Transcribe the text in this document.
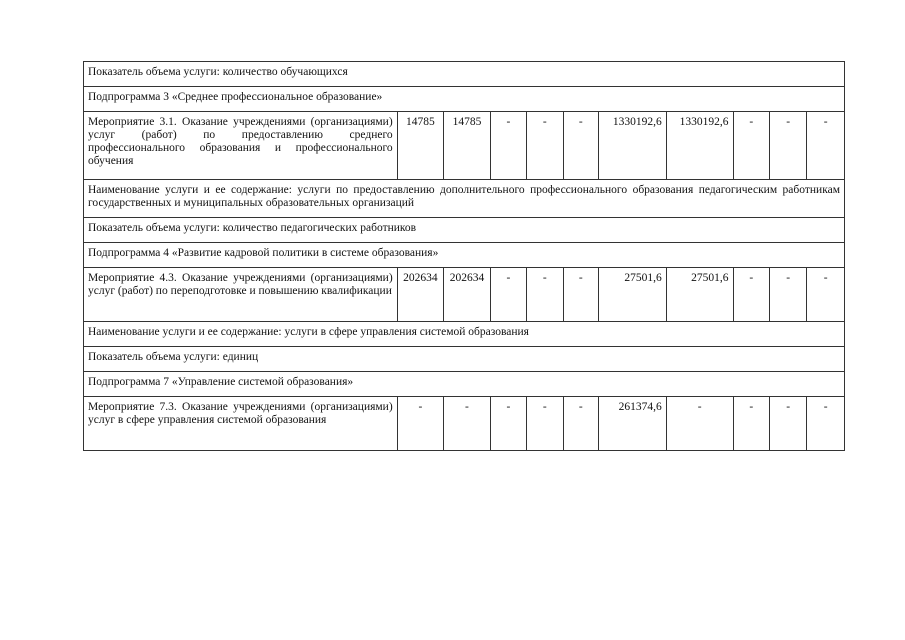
Показатель объема услуги: количество обучающихся										
Подпрограмма 3 «Среднее профессиональное образование»										
Мероприятие 3.1. Оказание учреждениями (организациями) услуг (работ) по предоставлению среднего профессионального образования и профессионального обучения	14785	14785	-	-	-	1330192,6	1330192,6	-	-	-
Наименование услуги и ее содержание: услуги по предоставлению дополнительного профессионального образования педагогическим работникам государственных и муниципальных образовательных организаций										
Показатель объема услуги: количество педагогических работников										
Подпрограмма 4 «Развитие кадровой политики в системе образования»										
Мероприятие 4.3. Оказание учреждениями (организациями) услуг (работ) по переподготовке и повышению квалификации	202634	202634	-	-	-	27501,6	27501,6	-	-	-
Наименование услуги и ее содержание: услуги в сфере управления системой образования										
Показатель объема услуги: единиц										
Подпрограмма 7 «Управление системой образования»										
Мероприятие 7.3. Оказание учреждениями (организациями) услуг в сфере управления системой образования	-	-	-	-	-	261374,6	-	-	-	-
